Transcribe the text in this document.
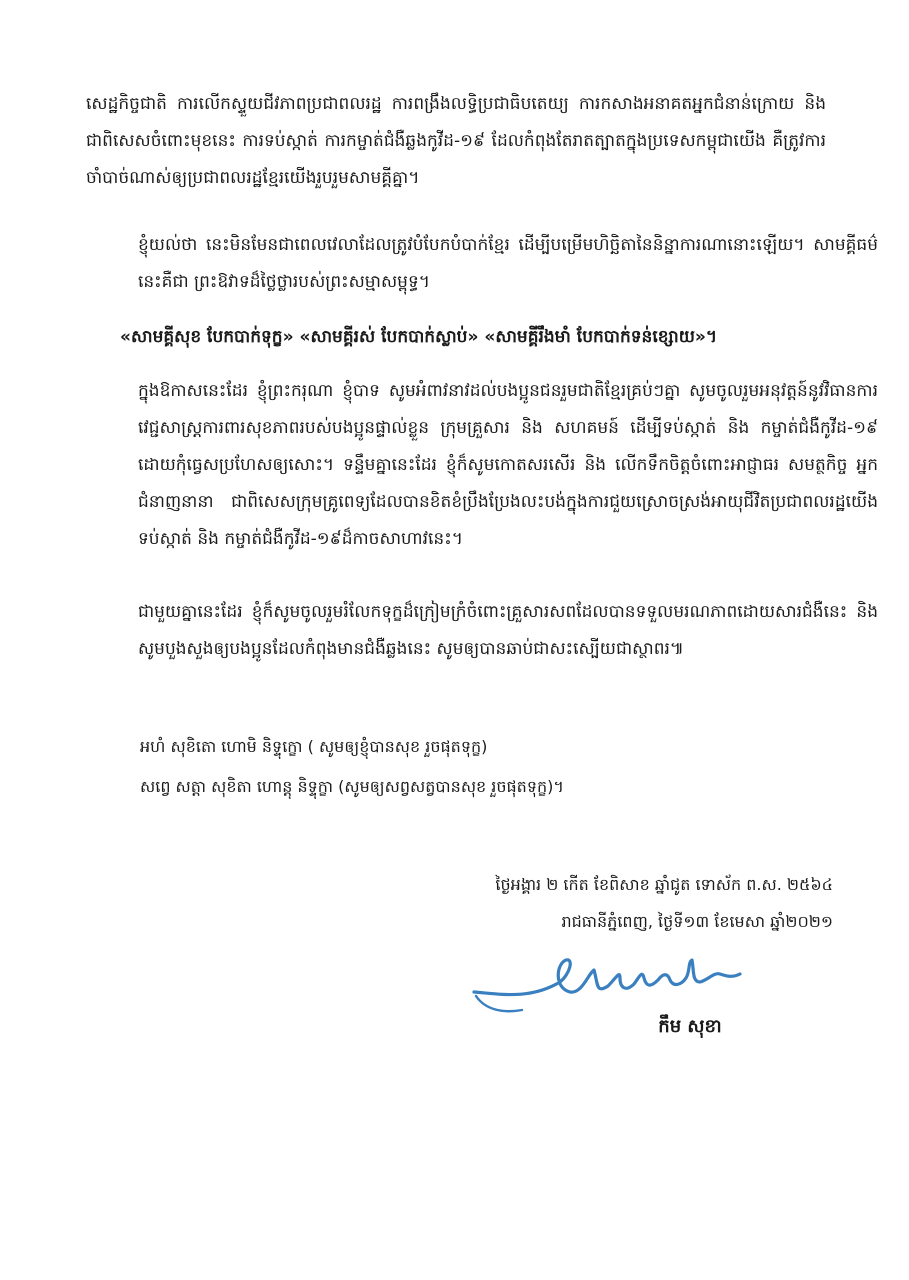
សេដ្ឋកិច្ចជាតិ ការលើកស្ទួយជីវភាពប្រជាពលរដ្ឋ ការពង្រឹងលទ្ធិប្រជាធិបតេយ្យ ការកសាងអនាគតអ្នកជំនាន់ក្រោយ និង ជាពិសេសចំពោះមុខនេះ ការទប់ស្កាត់ ការកម្ចាត់ជំងឺឆ្លងកូវីដ-១៩ ដែលកំពុងតែរាតត្បាតក្នុងប្រទេសកម្ពុជាយើង គឺត្រូវការចាំបាច់ណាស់ឲ្យប្រជាពលរដ្ឋខ្មែរយើងរួបរួមសាមគ្គីគ្នា។

ខ្ញុំយល់ថា នេះមិនមែនជាពេលវេលាដែលត្រូវបំបែកបំបាក់ខ្មែរ ដើម្បីបម្រើមហិច្ឆិតានៃនិន្នាការណានោះឡើយ។ សាមគ្គីធម៌នេះគឺជា ព្រះឱវាទដ៏ថ្លៃថ្លារបស់ព្រះសម្មាសម្ពុទ្ធ។

«សាមគ្គីសុខ បែកបាក់ទុក្ខ» «សាមគ្គីរស់ បែកបាក់ស្លាប់» «សាមគ្គីរឹងមាំ បែកបាក់ទន់ខ្សោយ»។

ក្នុងឱកាសនេះដែរ ខ្ញុំព្រះករុណា ខ្ញុំបាទ សូមអំពាវនាវដល់បងប្អូនជនរួមជាតិខ្មែរគ្រប់ៗគ្នា សូមចូលរួមអនុវត្តន៍នូវវិធានការវេជ្ជសាស្ត្រការពារសុខភាពរបស់បងប្អូនផ្ទាល់ខ្លួន ក្រុមគ្រួសារ និង សហគមន៍ ដើម្បីទប់ស្កាត់ និង កម្ចាត់ជំងឺកូវីដ-១៩ ដោយកុំធ្វេសប្រហែសឲ្យសោះ។ ទន្ទឹមគ្នានេះដែរ ខ្ញុំក៏សូមកោតសរសើរ និង លើកទឹកចិត្តចំពោះអាជ្ញាធរ សមត្ថកិច្ច អ្នកជំនាញនានា ជាពិសេសក្រុមគ្រូពេទ្យដែលបានខិតខំប្រឹងប្រែងលះបង់ក្នុងការជួយស្រោចស្រង់អាយុជីវិតប្រជាពលរដ្ឋយើង ទប់ស្កាត់ និង កម្ចាត់ជំងឺកូវីដ-១៩ដ៏កាចសាហាវនេះ។

ជាមួយគ្នានេះដែរ ខ្ញុំក៏សូមចូលរួមរំលែកទុក្ខដ៏ក្រៀមក្រំចំពោះគ្រួសារសពដែលបានទទួលមរណភាពដោយសារជំងឺនេះ និង សូមបួងសួងឲ្យបងប្អូនដែលកំពុងមានជំងឺឆ្លងនេះ សូមឲ្យបានឆាប់ជាសះស្បើយជាស្ថាពរ៕

អហំ សុខិតោ ហោមិ និទ្ទុក្ខោ ( សូមឲ្យខ្ញុំបានសុខ រួចផុតទុក្ខ)

សព្វេ សត្តា សុខិតា ហោន្តុ និទ្ទុក្ខា (សូមឲ្យសព្វសត្វបានសុខ រួចផុតទុក្ខ)។

ថ្ងៃអង្គារ ២ កើត ខែពិសាខ ឆ្នាំជូត ទោស័ក ព.ស. ២៥៦៤

រាជធានីភ្នំពេញ, ថ្ងៃទី១៣ ខែមេសា ឆ្នាំ២០២១

កឹម សុខា
